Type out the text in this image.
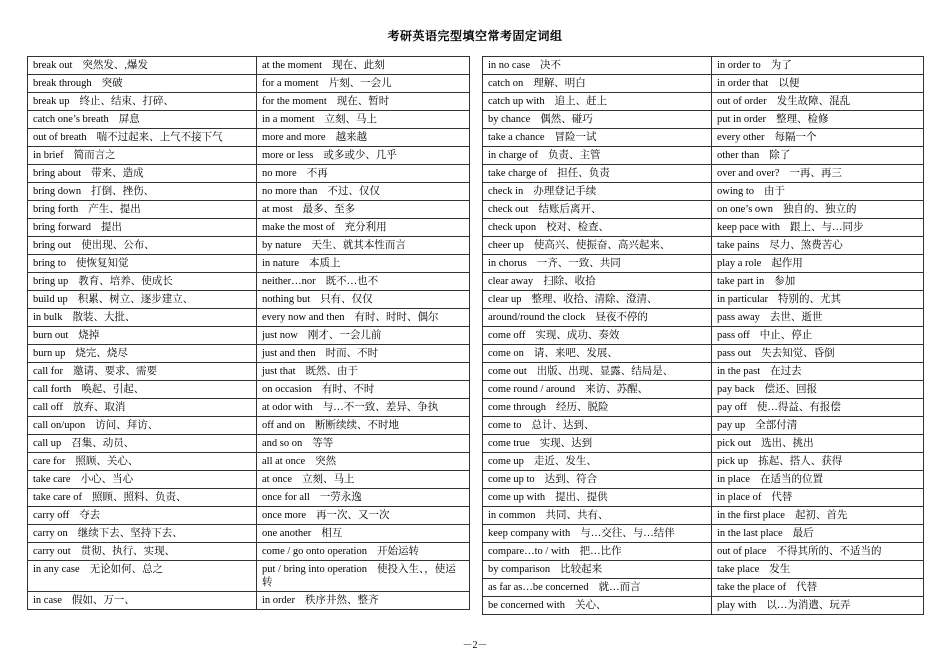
考研英语完型填空常考固定词组
break out 突然发、,爆发	at the moment 现在、此刻
break through 突破	for a moment 片刻、一会儿
break up 终止、结束、打碎、	for the moment 现在、暂时
catch one’s breath 屏息	in a moment 立刻、马上
out of breath 喘不过起来、上气不接下气	more and more 越来越
in brief 简而言之	more or less 或多或少、几乎
bring about 带来、造成	no more 不再
bring down 打倒、挫伤、	no more than 不过、仅仅
bring forth 产生、提出	at most 最多、至多
bring forward 提出	make the most of 充分利用
bring out 使出现、公布、	by nature 天生、就其本性而言
bring to 使恢复知觉	in nature 本质上
bring up 教育、培养、使成长	neither…nor 既不…也不
build up 积累、树立、逐步建立、	nothing but 只有、仅仅
in bulk 散装、大批、	every now and then 有时、时时、偶尔
burn out 烧掉	just now 刚才、一会儿前
burn up 烧完、烧尽	just and then 时而、不时
call for 邀请、要求、需要	just that 既然、由于
call forth 唤起、引起、	on occasion 有时、不时
call off 放弃、取消	at odor with 与…不一致、差异、争执
call on/upon 访问、拜访、	off and on 断断续续、不时地
call up 召集、动员、	and so on 等等
care for 照顾、关心、	all at once 突然
take care 小心、当心	at once 立刻、马上
take care of 照顾、照料、负责、	once for all 一劳永逸
carry off 夺去	once more 再一次、又一次
carry on 继续下去、坚持下去、	one another 相互
carry out 贯彻、执行、实现、	come / go onto operation 开始运转
in any case 无论如何、总之	put / bring into operation 使投入生、，使运转
in case 假如、万一、	in order 秩序井然、整齐
in no case 决不	in order to 为了
catch on 理解、明白	in order that 以便
catch up with 追上、赶上	out of order 发生故障、混乱
by chance 偶然、碰巧	put in order 整理、检修
take a chance 冒险一试	every other 每隔一个
in charge of 负责、主管	other than 除了
take charge of 担任、负责	over and over? 一再、再三
check in 办理登记手续	owing to 由于
check out 结账后离开、	on one’s own 独自的、独立的
check upon 校对、检查、	keep pace with 跟上、与…同步
cheer up 使高兴、使振奋、高兴起来、	take pains 尽力、煞费苦心
in chorus 一齐、一致、共同	play a role 起作用
clear away 扫除、收拾	take part in 参加
clear up 整理、收拾、清除、澄清、	in particular 特别的、尤其
around/round the clock 昼夜不停的	pass away 去世、逝世
come off 实现、成功、奏效	pass off 中止、停止
come on 请、来吧、发展、	pass out 失去知觉、昏倒
come out 出版、出现、显露、结局是、	in the past 在过去
come round / around 来访、苏醒、	pay back 偿还、回报
come through 经历、脱险	pay off 使…得益、有报偿
come to 总计、达到、	pay up 全部付清
come true 实现、达到	pick out 选出、挑出
come up 走近、发生、	pick up 拣起、搭人、获得
come up to 达到、符合	in place 在适当的位置
come up with 提出、提供	in place of 代替
in common 共同、共有、	in the first place 起初、首先
keep company with 与…交往、与…结伴	in the last place 最后
compare…to / with 把…比作	out of place 不得其所的、不适当的
by comparison 比较起来	take place 发生
as far as…be concerned 就…而言	take the place of 代替
be concerned with 关心、	play with 以…为消遣、玩弄
－2－
